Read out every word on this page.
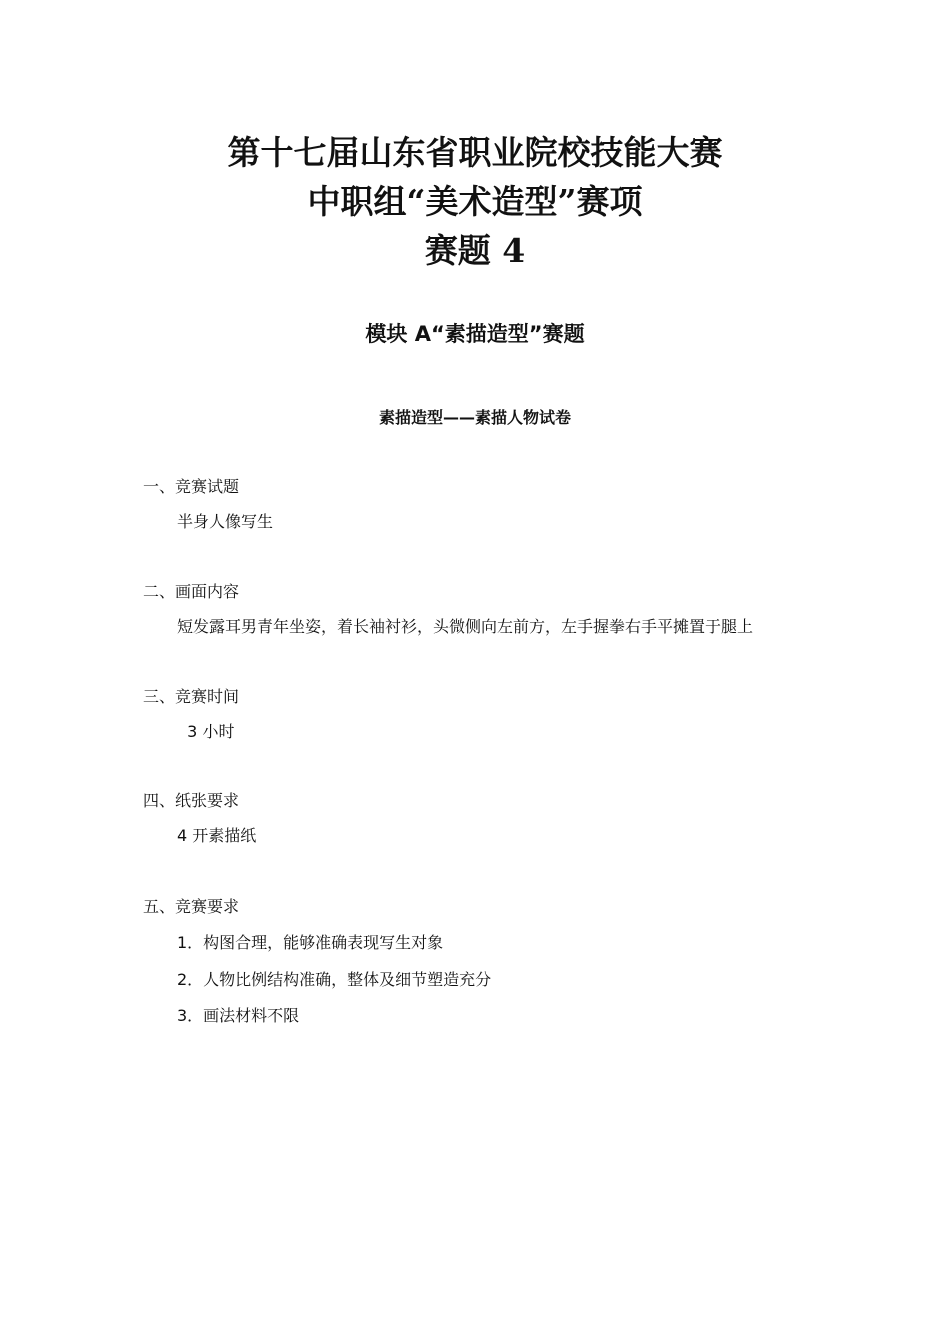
第十七届山东省职业院校技能大赛
中职组“美术造型”赛项
赛题 4
模块 A“素描造型”赛题
素描造型——素描人物试卷
一、竞赛试题
半身人像写生
二、画面内容
短发露耳男青年坐姿，着长袖衬衫，头微侧向左前方，左手握拳右手平摊置于腿上
三、竞赛时间
3 小时
四、纸张要求
4 开素描纸
五、竞赛要求
1．构图合理，能够准确表现写生对象
2．人物比例结构准确，整体及细节塑造充分
3．画法材料不限
